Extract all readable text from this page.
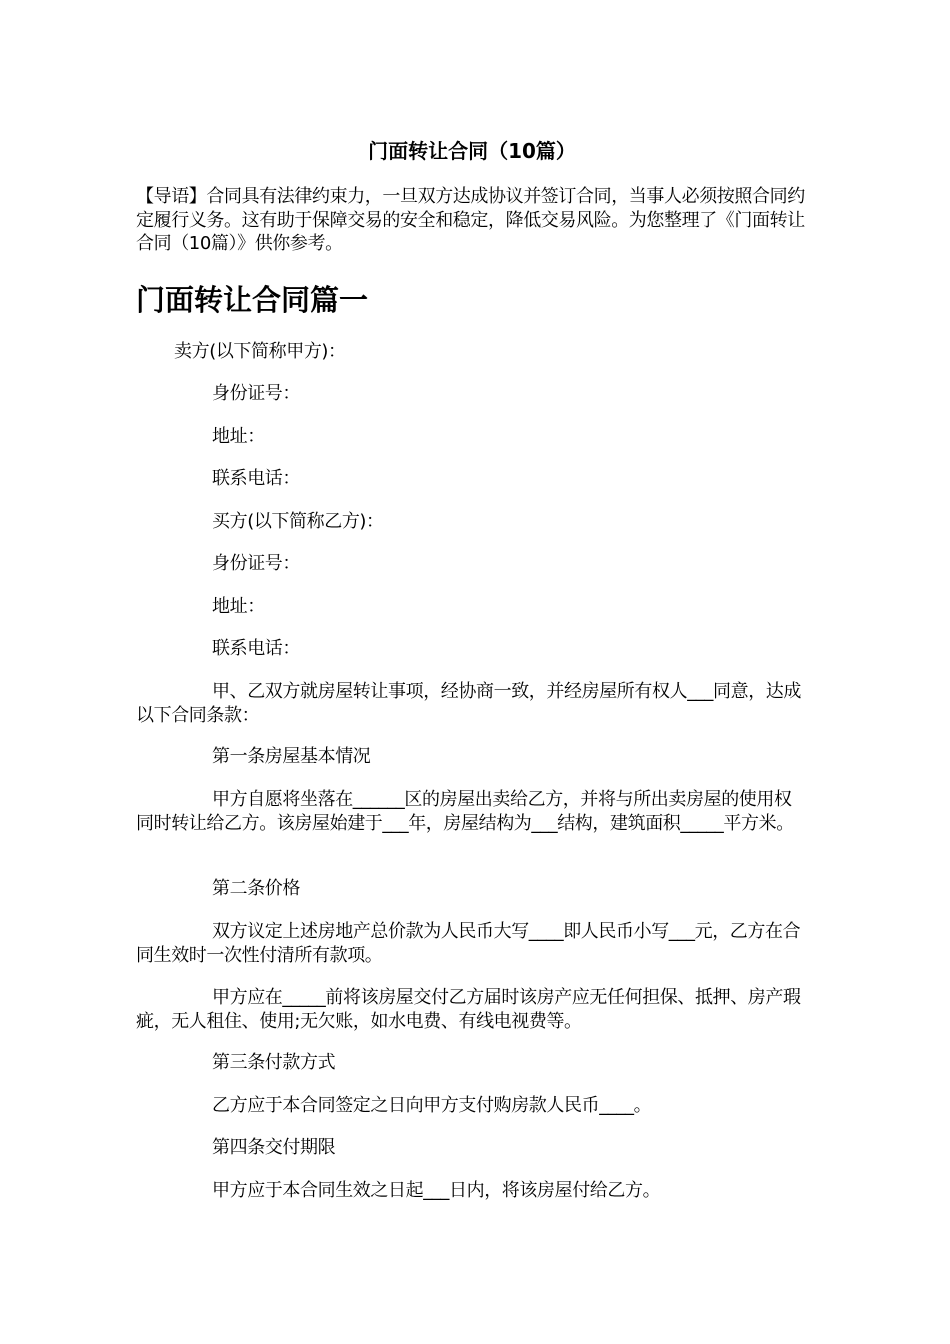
门面转让合同（10篇）
【导语】合同具有法律约束力，一旦双方达成协议并签订合同，当事人必须按照合同约定履行义务。这有助于保障交易的安全和稳定，降低交易风险。为您整理了《门面转让合同（10篇）》供你参考。
门面转让合同篇一
卖方(以下简称甲方)：
身份证号：
地址：
联系电话：
买方(以下简称乙方)：
身份证号：
地址：
联系电话：
甲、乙双方就房屋转让事项，经协商一致，并经房屋所有权人___同意，达成以下合同条款：
第一条房屋基本情况
甲方自愿将坐落在______区的房屋出卖给乙方，并将与所出卖房屋的使用权同时转让给乙方。该房屋始建于___年，房屋结构为___结构，建筑面积_____平方米。
第二条价格
双方议定上述房地产总价款为人民币大写____即人民币小写___元，乙方在合同生效时一次性付清所有款项。
甲方应在_____前将该房屋交付乙方届时该房产应无任何担保、抵押、房产瑕疵，无人租住、使用;无欠账，如水电费、有线电视费等。
第三条付款方式
乙方应于本合同签定之日向甲方支付购房款人民币____。
第四条交付期限
甲方应于本合同生效之日起___日内，将该房屋付给乙方。
